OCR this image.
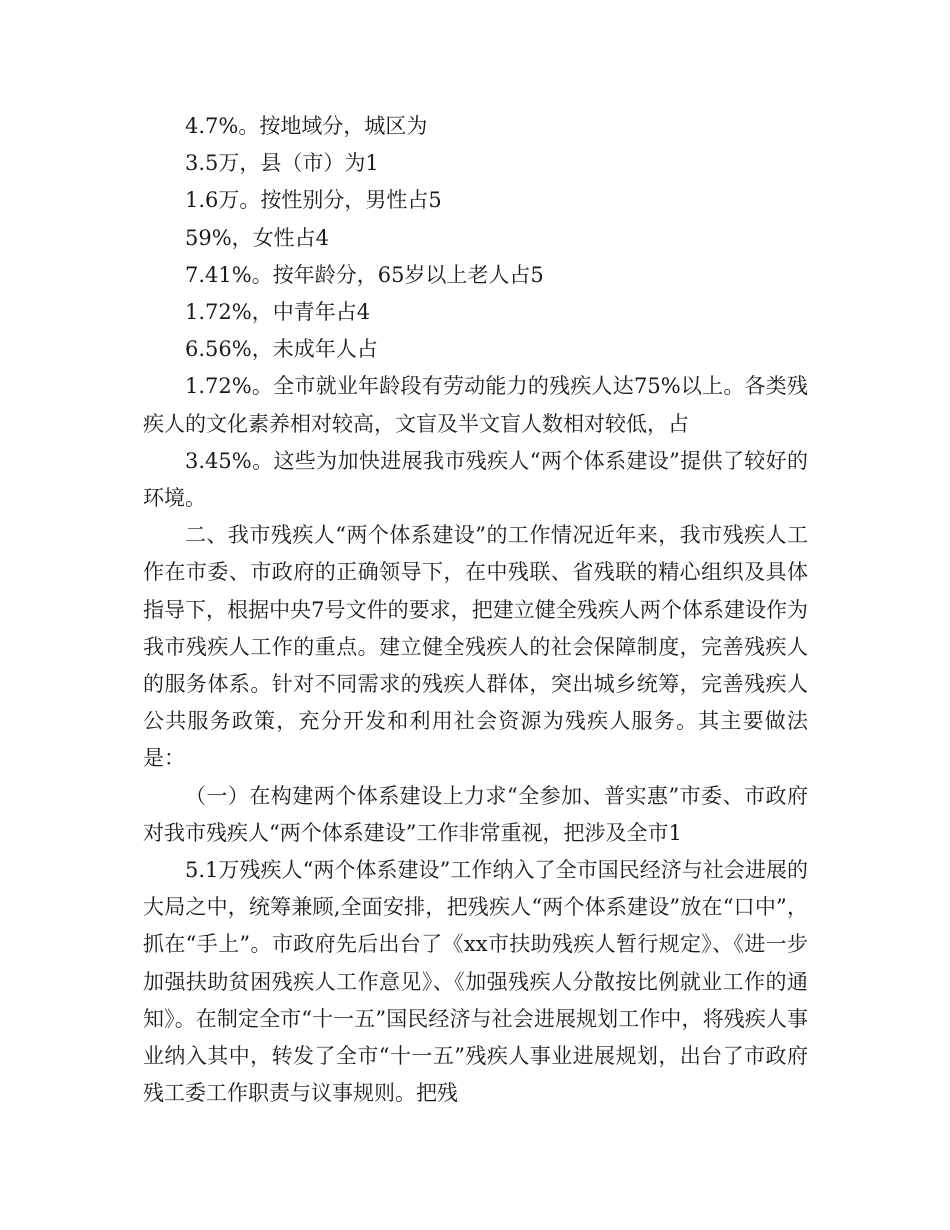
4.7%。按地域分，城区为

3.5万，县（市）为1

1.6万。按性别分，男性占5

59%，女性占4

7.41%。按年龄分，65岁以上老人占5

1.72%，中青年占4

6.56%，未成年人占

1.72%。全市就业年龄段有劳动能力的残疾人达75%以上。各类残疾人的文化素养相对较高，文盲及半文盲人数相对较低，占

3.45%。这些为加快进展我市残疾人“两个体系建设”提供了较好的环境。

二、我市残疾人“两个体系建设”的工作情况近年来，我市残疾人工作在市委、市政府的正确领导下，在中残联、省残联的精心组织及具体指导下，根据中央7号文件的要求，把建立健全残疾人两个体系建设作为我市残疾人工作的重点。建立健全残疾人的社会保障制度，完善残疾人的服务体系。针对不同需求的残疾人群体，突出城乡统筹，完善残疾人公共服务政策，充分开发和利用社会资源为残疾人服务。其主要做法是：

（一）在构建两个体系建设上力求“全参加、普实惠”市委、市政府对我市残疾人“两个体系建设”工作非常重视，把涉及全市1

5.1万残疾人“两个体系建设”工作纳入了全市国民经济与社会进展的大局之中，统筹兼顾,全面安排，把残疾人“两个体系建设”放在“口中”，抓在“手上”。市政府先后出台了《xx市扶助残疾人暂行规定》、《进一步加强扶助贫困残疾人工作意见》、《加强残疾人分散按比例就业工作的通知》。在制定全市“十一五”国民经济与社会进展规划工作中，将残疾人事业纳入其中，转发了全市“十一五”残疾人事业进展规划，出台了市政府残工委工作职责与议事规则。把残
